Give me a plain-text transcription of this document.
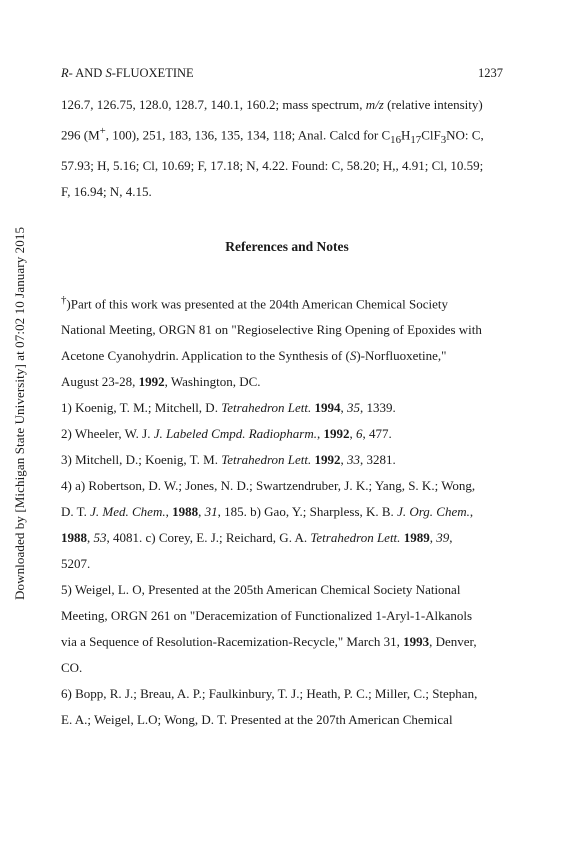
Downloaded by [Michigan State University] at 07:02 10 January 2015
R- AND S-FLUOXETINE	1237

126.7, 126.75, 128.0, 128.7, 140.1, 160.2; mass spectrum, m/z (relative intensity)

296 (M+, 100), 251, 183, 136, 135, 134, 118; Anal. Calcd for $C_{16}H_{17}ClF_3NO$: C,

57.93; H, 5.16; Cl, 10.69; F, 17.18; N, 4.22. Found: C, 58.20; H,, 4.91; Cl, 10.59;

F, 16.94; N, 4.15.

References and Notes

†)Part of this work was presented at the 204th American Chemical Society
National Meeting, ORGN 81 on "Regioselective Ring Opening of Epoxides with
Acetone Cyanohydrin. Application to the Synthesis of (S)-Norfluoxetine,"
August 23-28, 1992, Washington, DC.

1) Koenig, T. M.; Mitchell, D. Tetrahedron Lett. 1994, 35, 1339.

2) Wheeler, W. J. J. Labeled Cmpd. Radiopharm., 1992, 6, 477.

3) Mitchell, D.; Koenig, T. M. Tetrahedron Lett. 1992, 33, 3281.

4) a) Robertson, D. W.; Jones, N. D.; Swartzendruber, J. K.; Yang, S. K.; Wong,
D. T. J. Med. Chem., 1988, 31, 185. b) Gao, Y.; Sharpless, K. B. J. Org. Chem.,
1988, 53, 4081. c) Corey, E. J.; Reichard, G. A. Tetrahedron Lett. 1989, 39,
5207.

5) Weigel, L. O, Presented at the 205th American Chemical Society National
Meeting, ORGN 261 on "Deracemization of Functionalized 1-Aryl-1-Alkanols
via a Sequence of Resolution-Racemization-Recycle," March 31, 1993, Denver,
CO.

6) Bopp, R. J.; Breau, A. P.; Faulkinbury, T. J.; Heath, P. C.; Miller, C.; Stephan,
E. A.; Weigel, L.O; Wong, D. T. Presented at the 207th American Chemical
